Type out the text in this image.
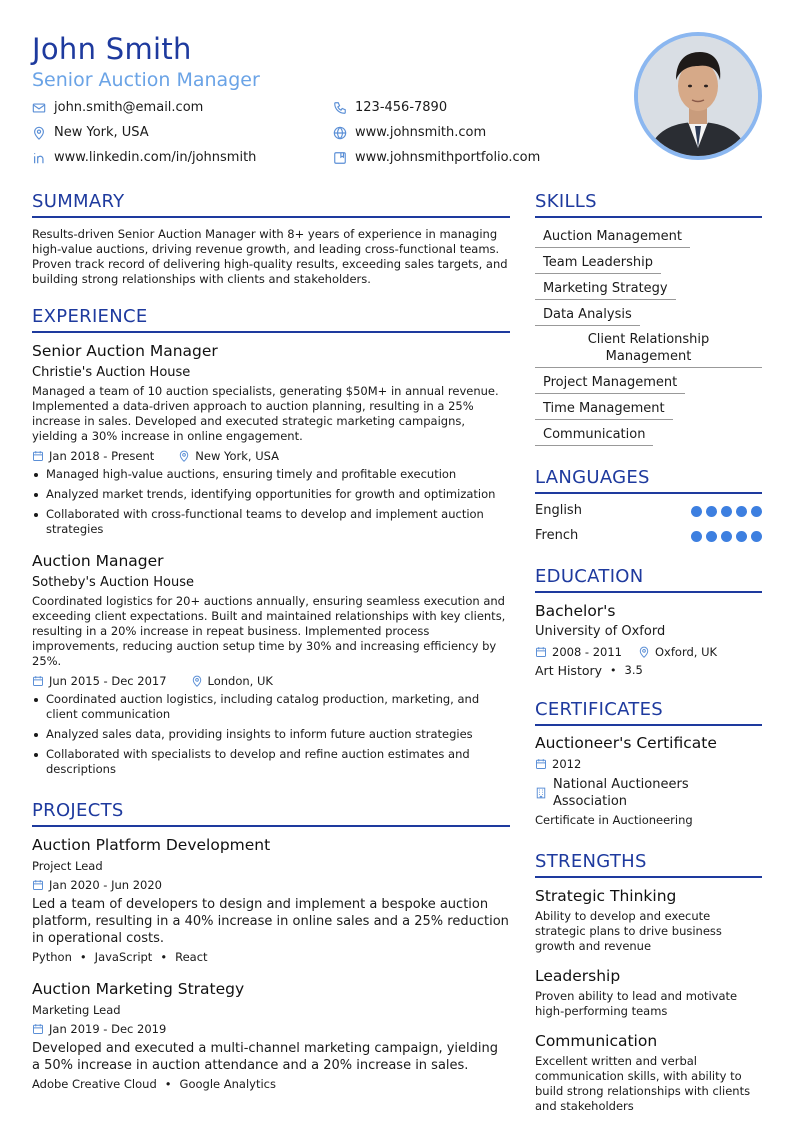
John Smith
Senior Auction Manager
john.smith@email.com	123-456-7890
New York, USA	www.johnsmith.com
www.linkedin.com/in/johnsmith	www.johnsmithportfolio.com
SUMMARY
Results-driven Senior Auction Manager with 8+ years of experience in managing high-value auctions, driving revenue growth, and leading cross-functional teams. Proven track record of delivering high-quality results, exceeding sales targets, and building strong relationships with clients and stakeholders.
EXPERIENCE
Senior Auction Manager
Christie's Auction House
Managed a team of 10 auction specialists, generating $50M+ in annual revenue. Implemented a data-driven approach to auction planning, resulting in a 25% increase in sales. Developed and executed strategic marketing campaigns, yielding a 30% increase in online engagement.
Jan 2018 - Present	New York, USA
Managed high-value auctions, ensuring timely and profitable execution
Analyzed market trends, identifying opportunities for growth and optimization
Collaborated with cross-functional teams to develop and implement auction strategies
Auction Manager
Sotheby's Auction House
Coordinated logistics for 20+ auctions annually, ensuring seamless execution and exceeding client expectations. Built and maintained relationships with key clients, resulting in a 20% increase in repeat business. Implemented process improvements, reducing auction setup time by 30% and increasing efficiency by 25%.
Jun 2015 - Dec 2017	London, UK
Coordinated auction logistics, including catalog production, marketing, and client communication
Analyzed sales data, providing insights to inform future auction strategies
Collaborated with specialists to develop and refine auction estimates and descriptions
PROJECTS
Auction Platform Development
Project Lead
Jan 2020 - Jun 2020
Led a team of developers to design and implement a bespoke auction platform, resulting in a 40% increase in online sales and a 25% reduction in operational costs.
Python • JavaScript • React
Auction Marketing Strategy
Marketing Lead
Jan 2019 - Dec 2019
Developed and executed a multi-channel marketing campaign, yielding a 50% increase in auction attendance and a 20% increase in sales.
Adobe Creative Cloud • Google Analytics
SKILLS
Auction Management
Team Leadership
Marketing Strategy
Data Analysis
Client Relationship Management
Project Management
Time Management
Communication
LANGUAGES
English
French
EDUCATION
Bachelor's
University of Oxford
2008 - 2011	Oxford, UK
Art History • 3.5
CERTIFICATES
Auctioneer's Certificate
2012
National Auctioneers Association
Certificate in Auctioneering
STRENGTHS
Strategic Thinking
Ability to develop and execute strategic plans to drive business growth and revenue
Leadership
Proven ability to lead and motivate high-performing teams
Communication
Excellent written and verbal communication skills, with ability to build strong relationships with clients and stakeholders
